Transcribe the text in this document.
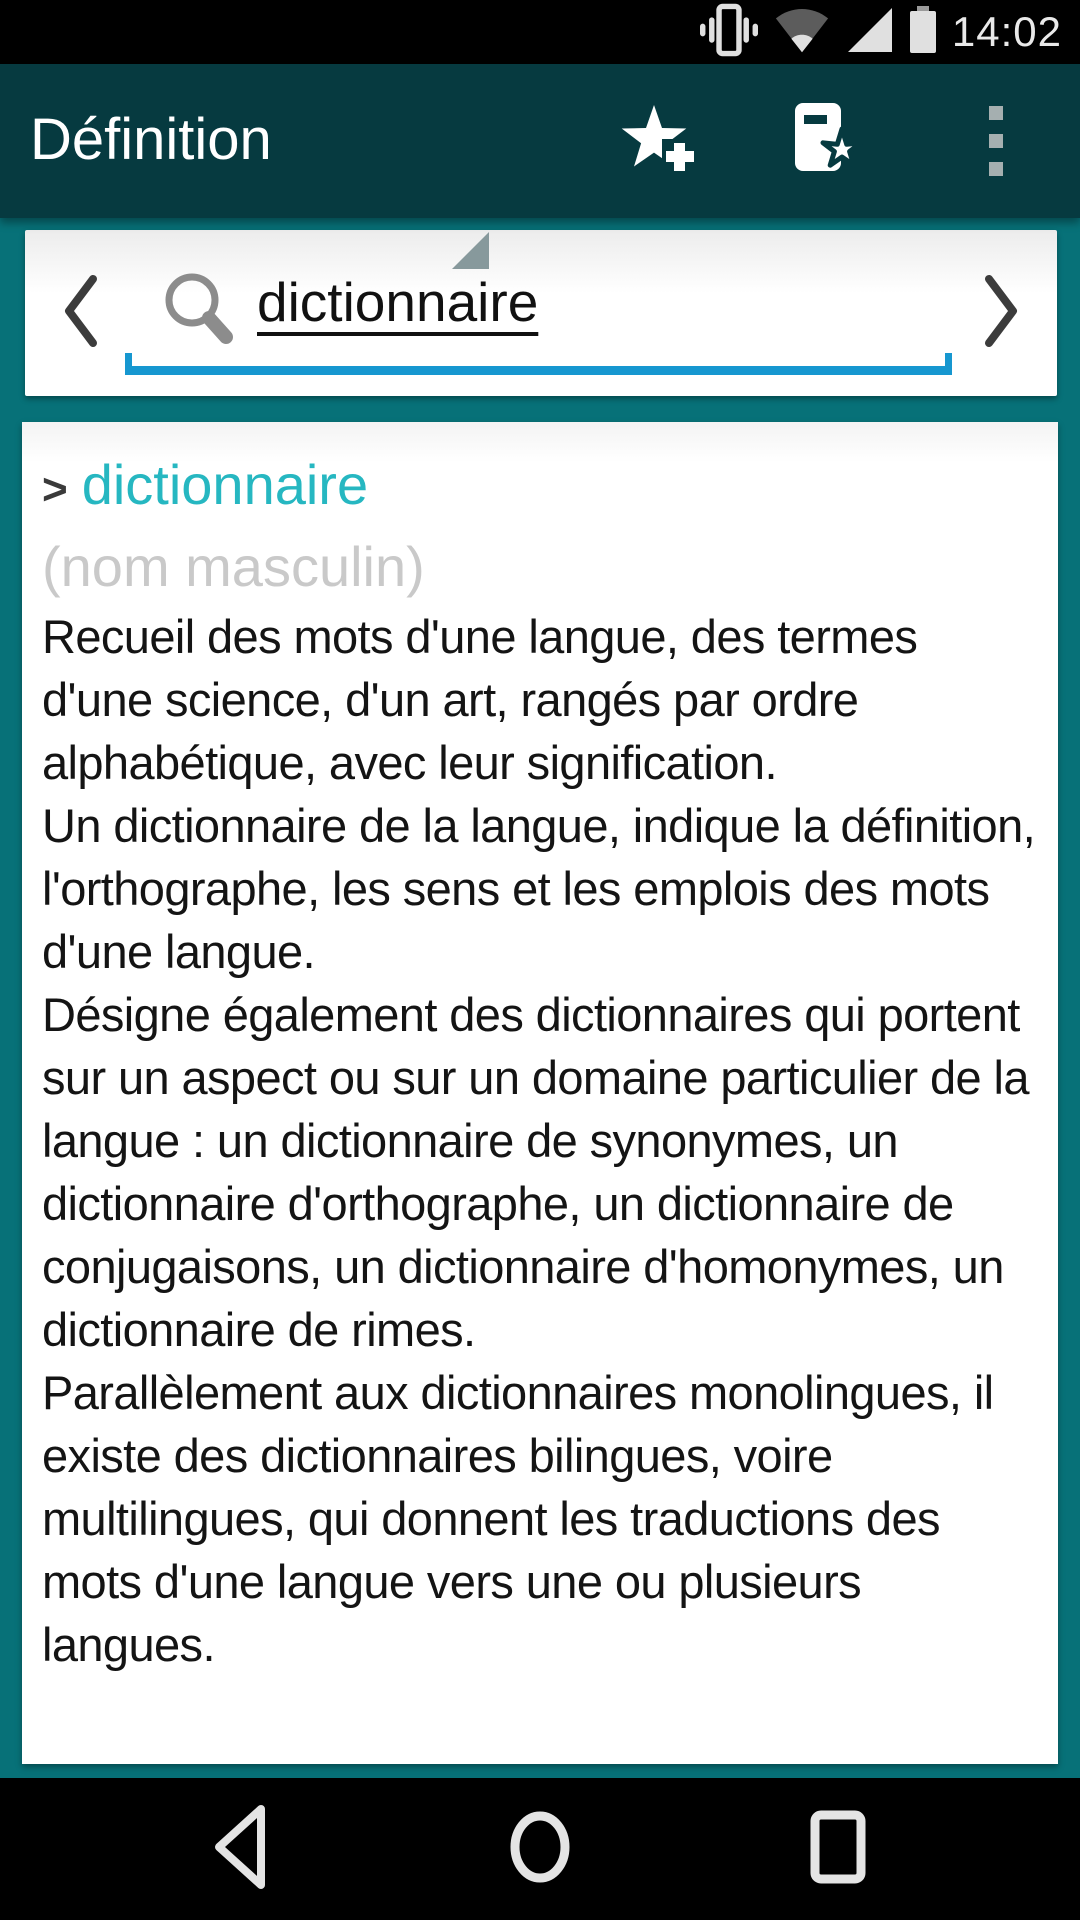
14:02
Définition
dictionnaire
> dictionnaire
(nom masculin)

Recueil des mots d'une langue, des termes d'une science, d'un art, rangés par ordre alphabétique, avec leur signification.

Un dictionnaire de la langue, indique la définition, l'orthographe, les sens et les emplois des mots d'une langue.

Désigne également des dictionnaires qui portent sur un aspect ou sur un domaine particulier de la langue : un dictionnaire de synonymes, un dictionnaire d'orthographe, un dictionnaire de conjugaisons, un dictionnaire d'homonymes, un dictionnaire de rimes.

Parallèlement aux dictionnaires monolingues, il existe des dictionnaires bilingues, voire multilingues, qui donnent les traductions des mots d'une langue vers une ou plusieurs langues.
